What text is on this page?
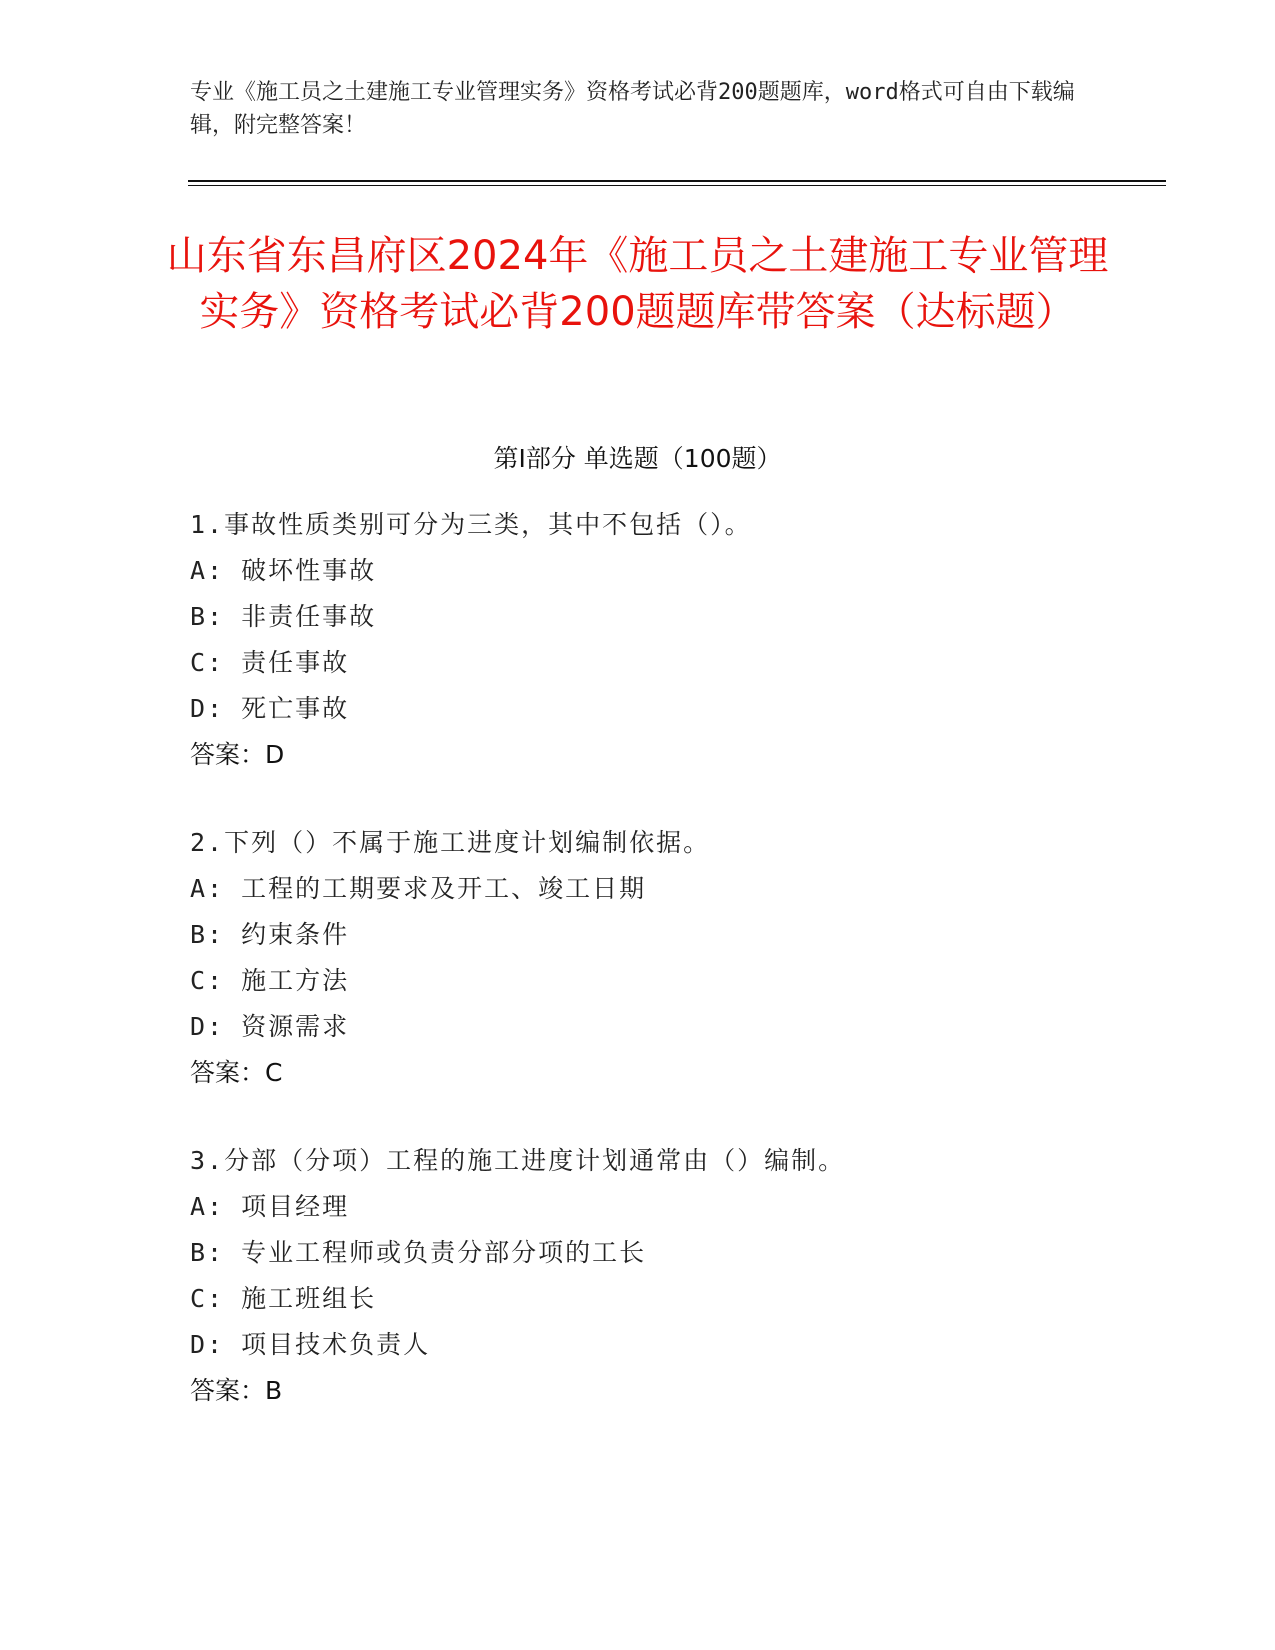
专业《施工员之土建施工专业管理实务》资格考试必背200题题库，word格式可自由下载编辑，附完整答案！
山东省东昌府区2024年《施工员之土建施工专业管理实务》资格考试必背200题题库带答案（达标题）
第Ⅰ部分 单选题（100题）
1.事故性质类别可分为三类，其中不包括（）。
A: 破坏性事故
B: 非责任事故
C: 责任事故
D: 死亡事故
答案：D
2.下列（）不属于施工进度计划编制依据。
A: 工程的工期要求及开工、竣工日期
B: 约束条件
C: 施工方法
D: 资源需求
答案：C
3.分部（分项）工程的施工进度计划通常由（）编制。
A: 项目经理
B: 专业工程师或负责分部分项的工长
C: 施工班组长
D: 项目技术负责人
答案：B
